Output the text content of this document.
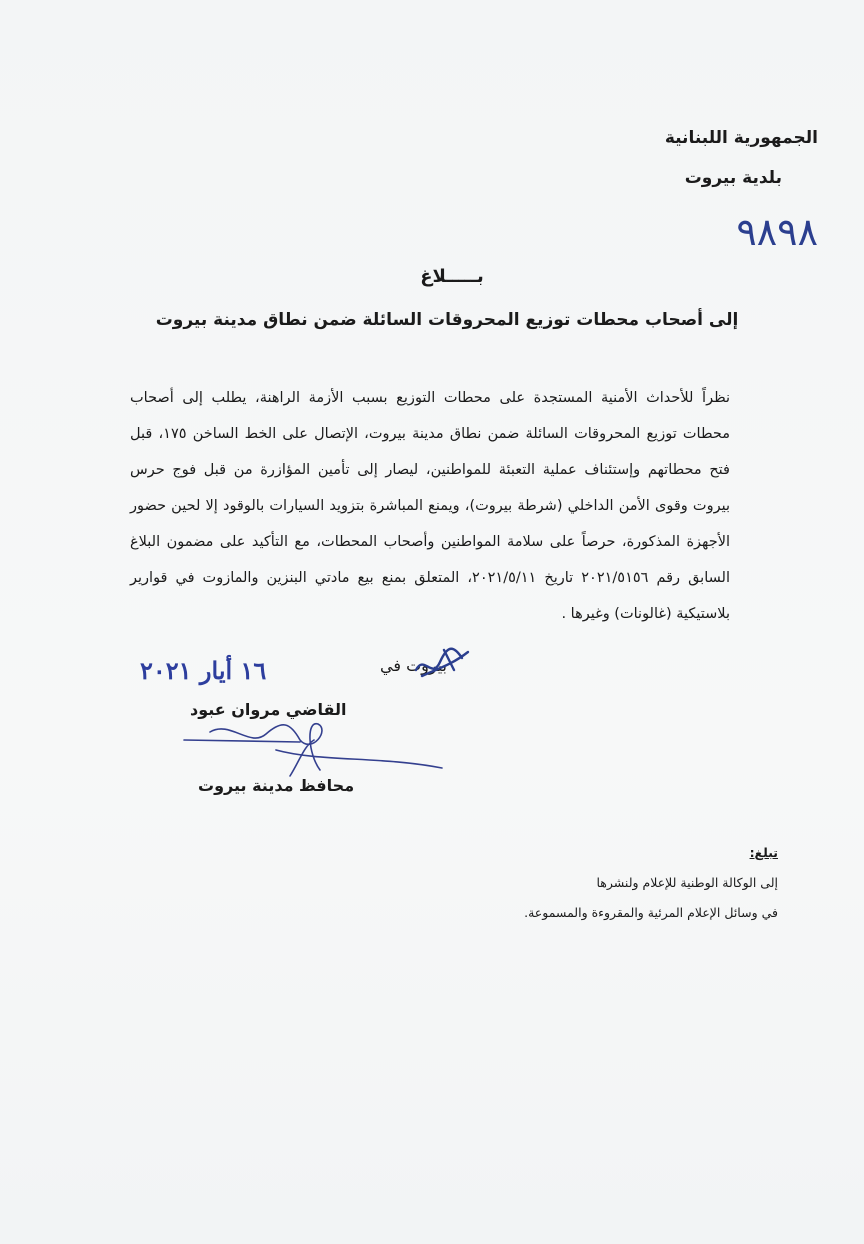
الجمهورية اللبنانية
بلدية بيروت
٩٨٩٨
بـــــلاغ
إلى أصحاب محطات توزيع المحروقات السائلة ضمن نطاق مدينة بيروت
نظراً للأحداث الأمنية المستجدة على محطات التوزيع بسبب الأزمة الراهنة، يطلب إلى أصحاب محطات توزيع المحروقات السائلة ضمن نطاق مدينة بيروت، الإتصال على الخط الساخن ١٧٥، قبل فتح محطاتهم وإستئناف عملية التعبئة للمواطنين، ليصار إلى تأمين المؤازرة من قبل فوج حرس بيروت وقوى الأمن الداخلي (شرطة بيروت)، ويمنع المباشرة بتزويد السيارات بالوقود إلا لحين حضور الأجهزة المذكورة، حرصاً على سلامة المواطنين وأصحاب المحطات، مع التأكيد على مضمون البلاغ السابق رقم ٢٠٢١/٥١٥٦ تاريخ ٢٠٢١/٥/١١، المتعلق بمنع بيع مادتي البنزين والمازوت في قوارير بلاستيكية (غالونات) وغيرها .
١٦ أيار ٢٠٢١	بيروت في
القاضي مروان عبود
محافظ مدينة بيروت
تبلغ:
إلى الوكالة الوطنية للإعلام ولنشرها
في وسائل الإعلام المرئية والمقروءة والمسموعة.
